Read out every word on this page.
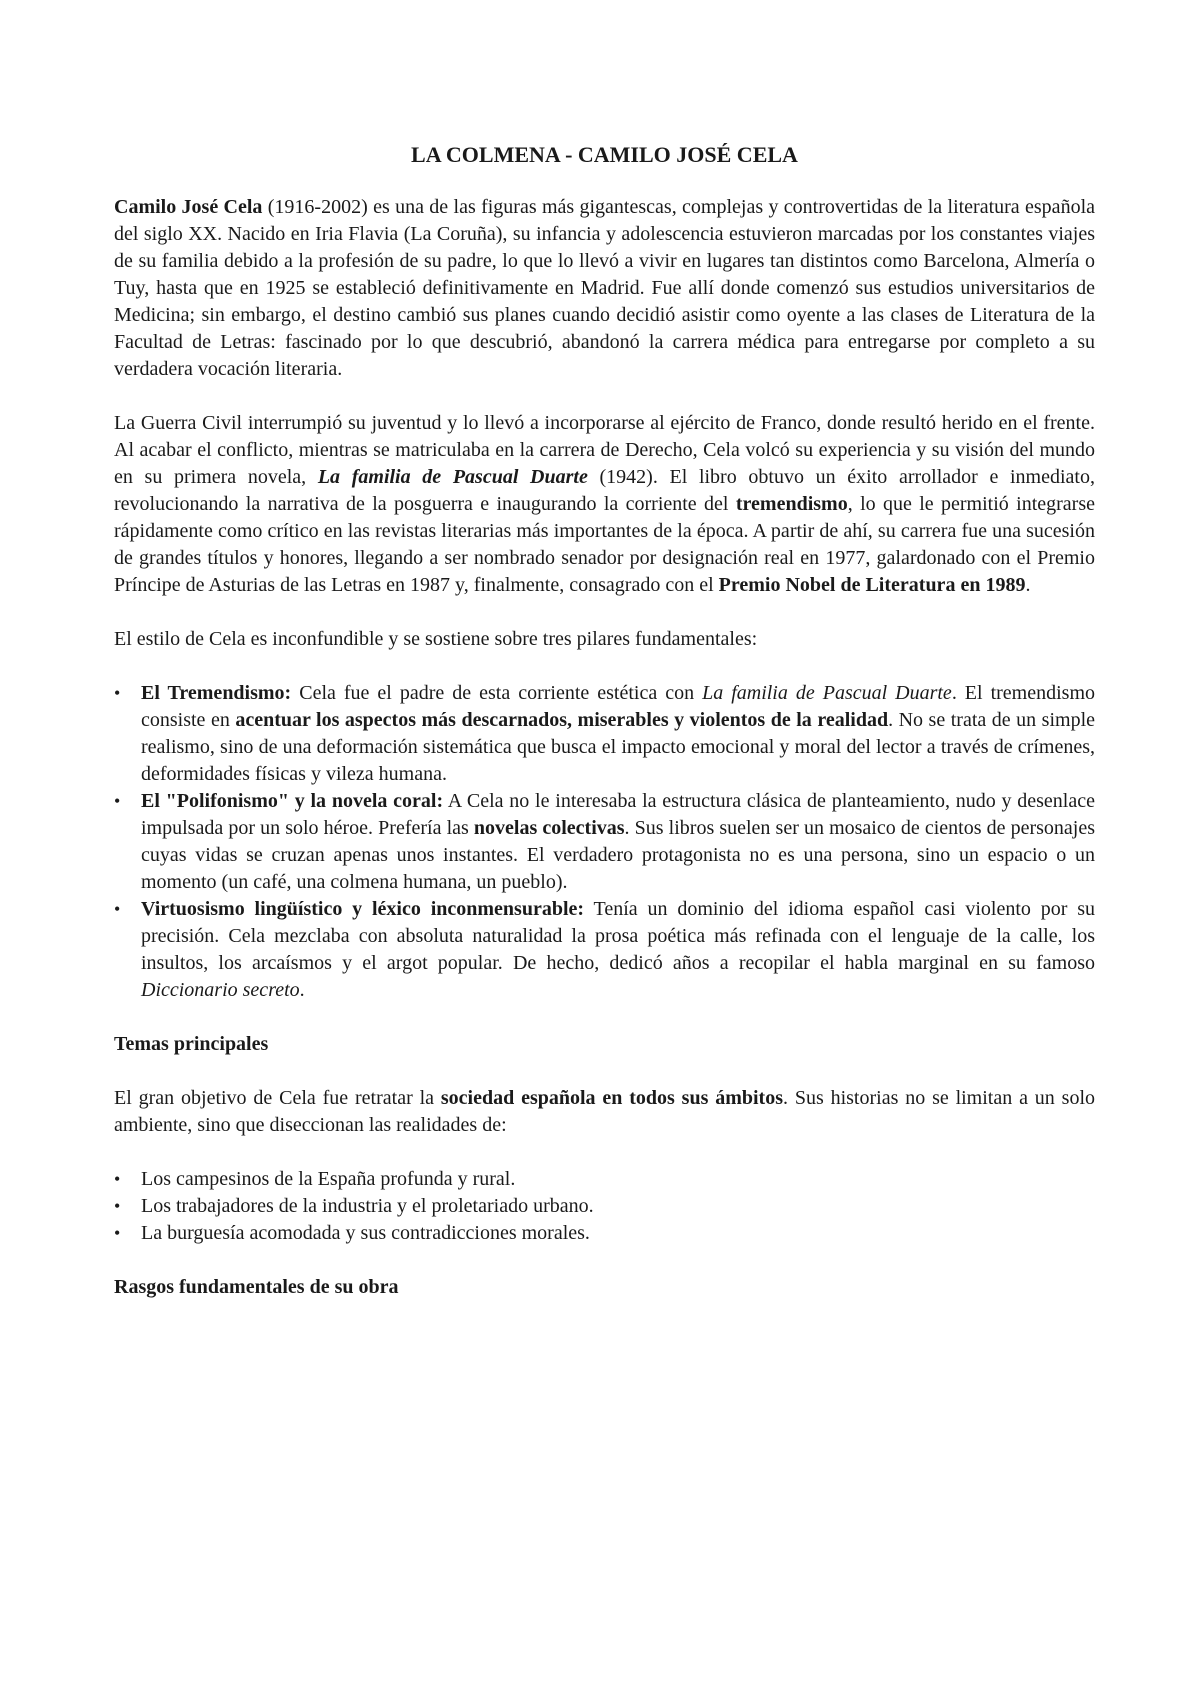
LA COLMENA - CAMILO JOSÉ CELA

Camilo José Cela (1916-2002) es una de las figuras más gigantescas, complejas y controvertidas de la literatura española del siglo XX. Nacido en Iria Flavia (La Coruña), su infancia y adolescencia estuvieron marcadas por los constantes viajes de su familia debido a la profesión de su padre, lo que lo llevó a vivir en lugares tan distintos como Barcelona, Almería o Tuy, hasta que en 1925 se estableció definitivamente en Madrid. Fue allí donde comenzó sus estudios universitarios de Medicina; sin embargo, el destino cambió sus planes cuando decidió asistir como oyente a las clases de Literatura de la Facultad de Letras: fascinado por lo que descubrió, abandonó la carrera médica para entregarse por completo a su verdadera vocación literaria.

La Guerra Civil interrumpió su juventud y lo llevó a incorporarse al ejército de Franco, donde resultó herido en el frente. Al acabar el conflicto, mientras se matriculaba en la carrera de Derecho, Cela volcó su experiencia y su visión del mundo en su primera novela, La familia de Pascual Duarte (1942). El libro obtuvo un éxito arrollador e inmediato, revolucionando la narrativa de la posguerra e inaugurando la corriente del tremendismo, lo que le permitió integrarse rápidamente como crítico en las revistas literarias más importantes de la época. A partir de ahí, su carrera fue una sucesión de grandes títulos y honores, llegando a ser nombrado senador por designación real en 1977, galardonado con el Premio Príncipe de Asturias de las Letras en 1987 y, finalmente, consagrado con el Premio Nobel de Literatura en 1989.

El estilo de Cela es inconfundible y se sostiene sobre tres pilares fundamentales:

• El Tremendismo: Cela fue el padre de esta corriente estética con La familia de Pascual Duarte. El tremendismo consiste en acentuar los aspectos más descarnados, miserables y violentos de la realidad. No se trata de un simple realismo, sino de una deformación sistemática que busca el impacto emocional y moral del lector a través de crímenes, deformidades físicas y vileza humana.
• El "Polifonismo" y la novela coral: A Cela no le interesaba la estructura clásica de planteamiento, nudo y desenlace impulsada por un solo héroe. Prefería las novelas colectivas. Sus libros suelen ser un mosaico de cientos de personajes cuyas vidas se cruzan apenas unos instantes. El verdadero protagonista no es una persona, sino un espacio o un momento (un café, una colmena humana, un pueblo).
• Virtuosismo lingüístico y léxico inconmensurable: Tenía un dominio del idioma español casi violento por su precisión. Cela mezclaba con absoluta naturalidad la prosa poética más refinada con el lenguaje de la calle, los insultos, los arcaísmos y el argot popular. De hecho, dedicó años a recopilar el habla marginal en su famoso Diccionario secreto.

Temas principales

El gran objetivo de Cela fue retratar la sociedad española en todos sus ámbitos. Sus historias no se limitan a un solo ambiente, sino que diseccionan las realidades de:

• Los campesinos de la España profunda y rural.
• Los trabajadores de la industria y el proletariado urbano.
• La burguesía acomodada y sus contradicciones morales.

Rasgos fundamentales de su obra
